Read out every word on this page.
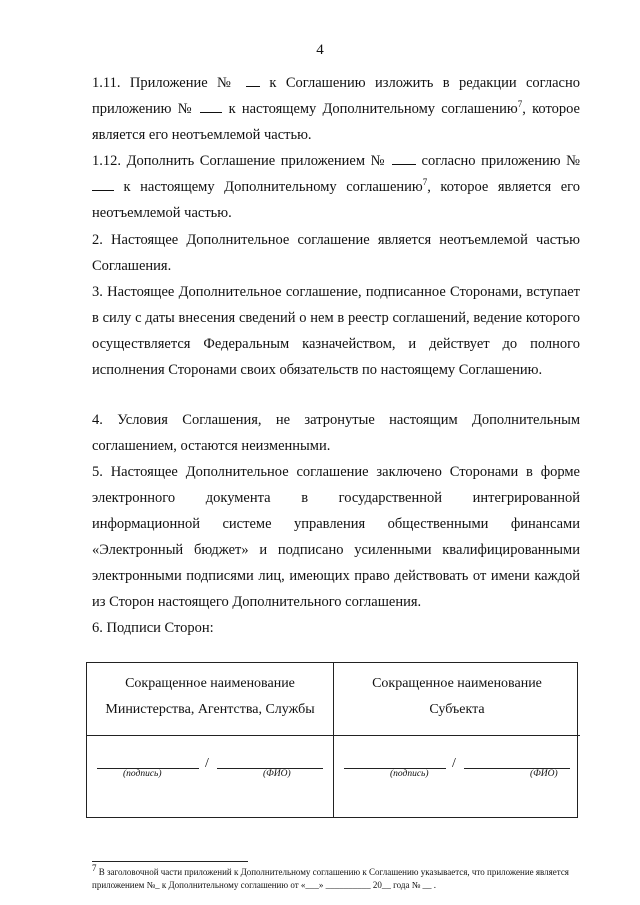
4

1.11. Приложение №  к Соглашению изложить в редакции согласно приложению №  к настоящему Дополнительному соглашению$^7$, которое является его неотъемлемой частью.

1.12. Дополнить Соглашение приложением №  согласно приложению №  к настоящему Дополнительному соглашению$^7$, которое является его неотъемлемой частью.

2. Настоящее Дополнительное соглашение является неотъемлемой частью Соглашения.

3. Настоящее Дополнительное соглашение, подписанное Сторонами, вступает в силу с даты внесения сведений о нем в реестр соглашений, ведение которого осуществляется Федеральным казначейством, и действует до полного исполнения Сторонами своих обязательств по настоящему Соглашению.

4. Условия Соглашения, не затронутые настоящим Дополнительным соглашением, остаются неизменными.

5. Настоящее Дополнительное соглашение заключено Сторонами в форме электронного документа в государственной интегрированной информационной системе управления общественными финансами «Электронный бюджет» и подписано усиленными квалифицированными электронными подписями лиц, имеющих право действовать от имени каждой из Сторон настоящего Дополнительного соглашения.

6. Подписи Сторон:

Сокращенное наименование
Министерства, Агентства, Службы
/
(подпись)	(ФИО)
Сокращенное наименование
Субъекта
/
(подпись)	(ФИО)
$^7$ В заголовочной части приложений к Дополнительному соглашению к Соглашению указывается, что приложение является приложением №_ к Дополнительному соглашению от «___» __________ 20__ года № __ .
